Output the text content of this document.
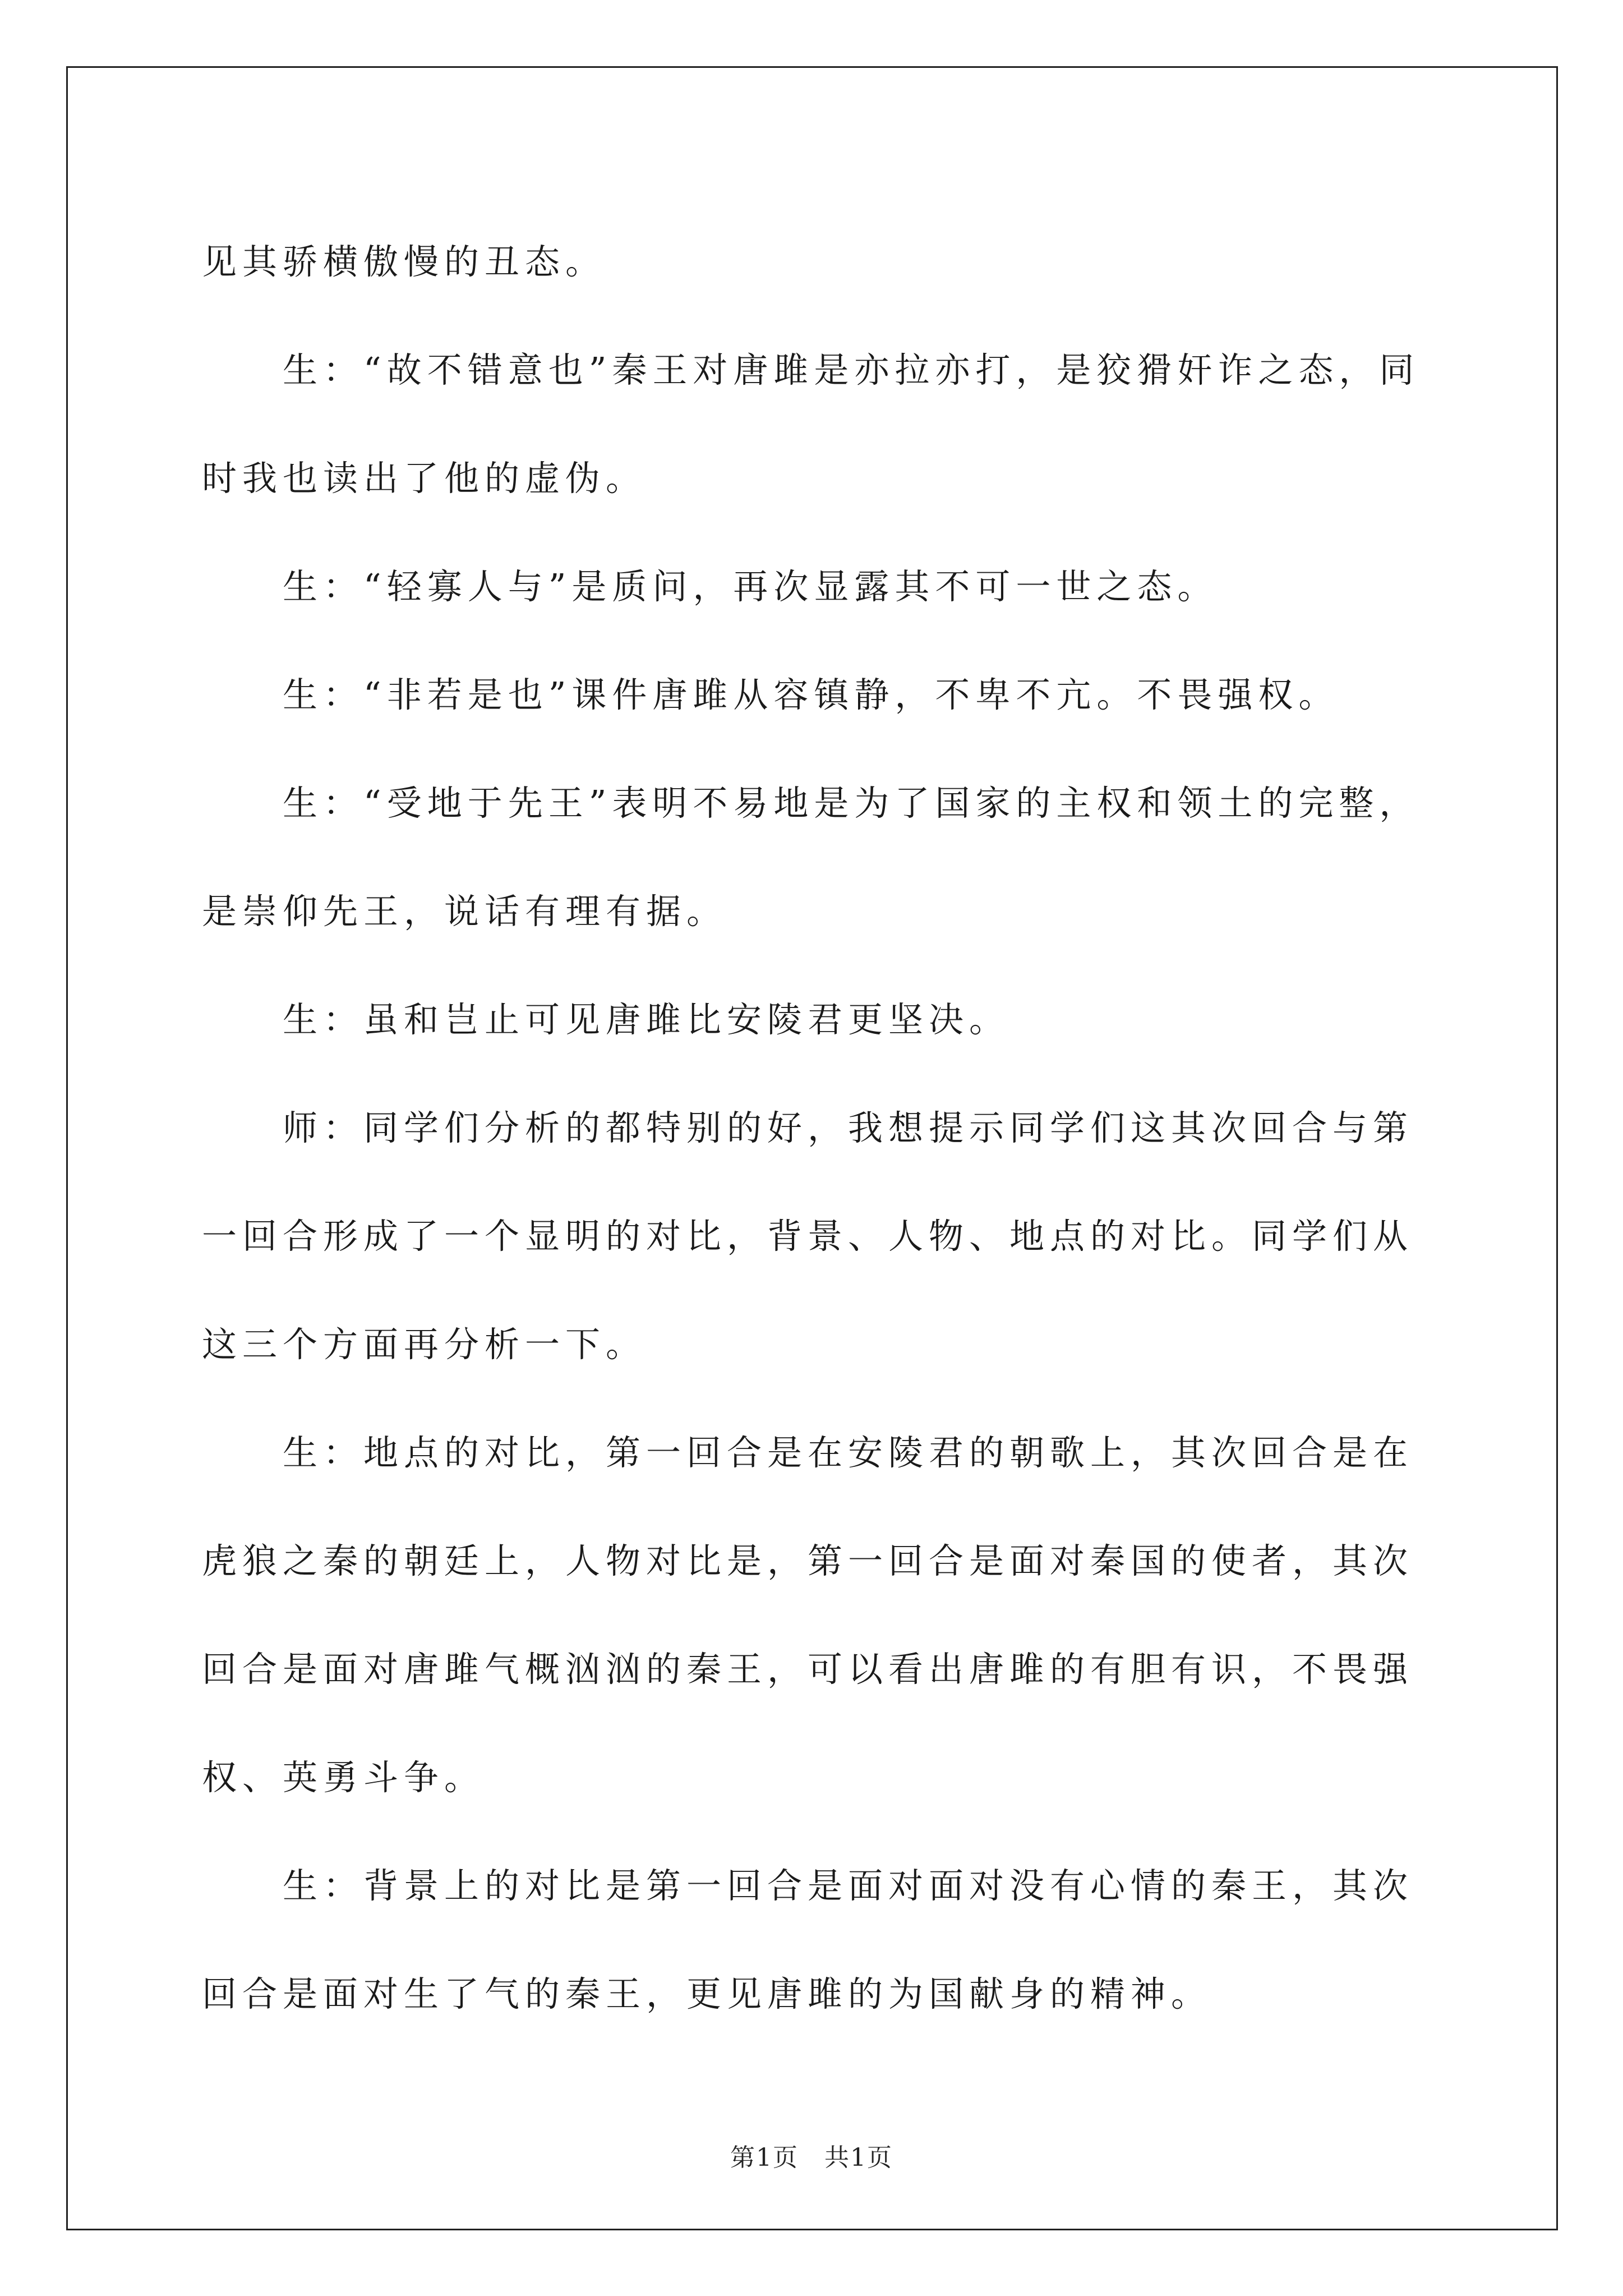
见其骄横傲慢的丑态。

生：“故不错意也”秦王对唐雎是亦拉亦打，是狡猾奸诈之态，同时我也读出了他的虚伪。

生：“轻寡人与”是质问，再次显露其不可一世之态。

生：“非若是也”课件唐雎从容镇静，不卑不亢。不畏强权。

生：“受地于先王”表明不易地是为了国家的主权和领土的完整，是崇仰先王，说话有理有据。

生：虽和岂止可见唐雎比安陵君更坚决。

师：同学们分析的都特别的好，我想提示同学们这其次回合与第一回合形成了一个显明的对比，背景、人物、地点的对比。同学们从这三个方面再分析一下。

生：地点的对比，第一回合是在安陵君的朝歌上，其次回合是在虎狼之秦的朝廷上，人物对比是，第一回合是面对秦国的使者，其次回合是面对唐雎气概汹汹的秦王，可以看出唐雎的有胆有识，不畏强权、英勇斗争。

生：背景上的对比是第一回合是面对面对没有心情的秦王，其次回合是面对生了气的秦王，更见唐雎的为国献身的精神。

第1页　共1页
